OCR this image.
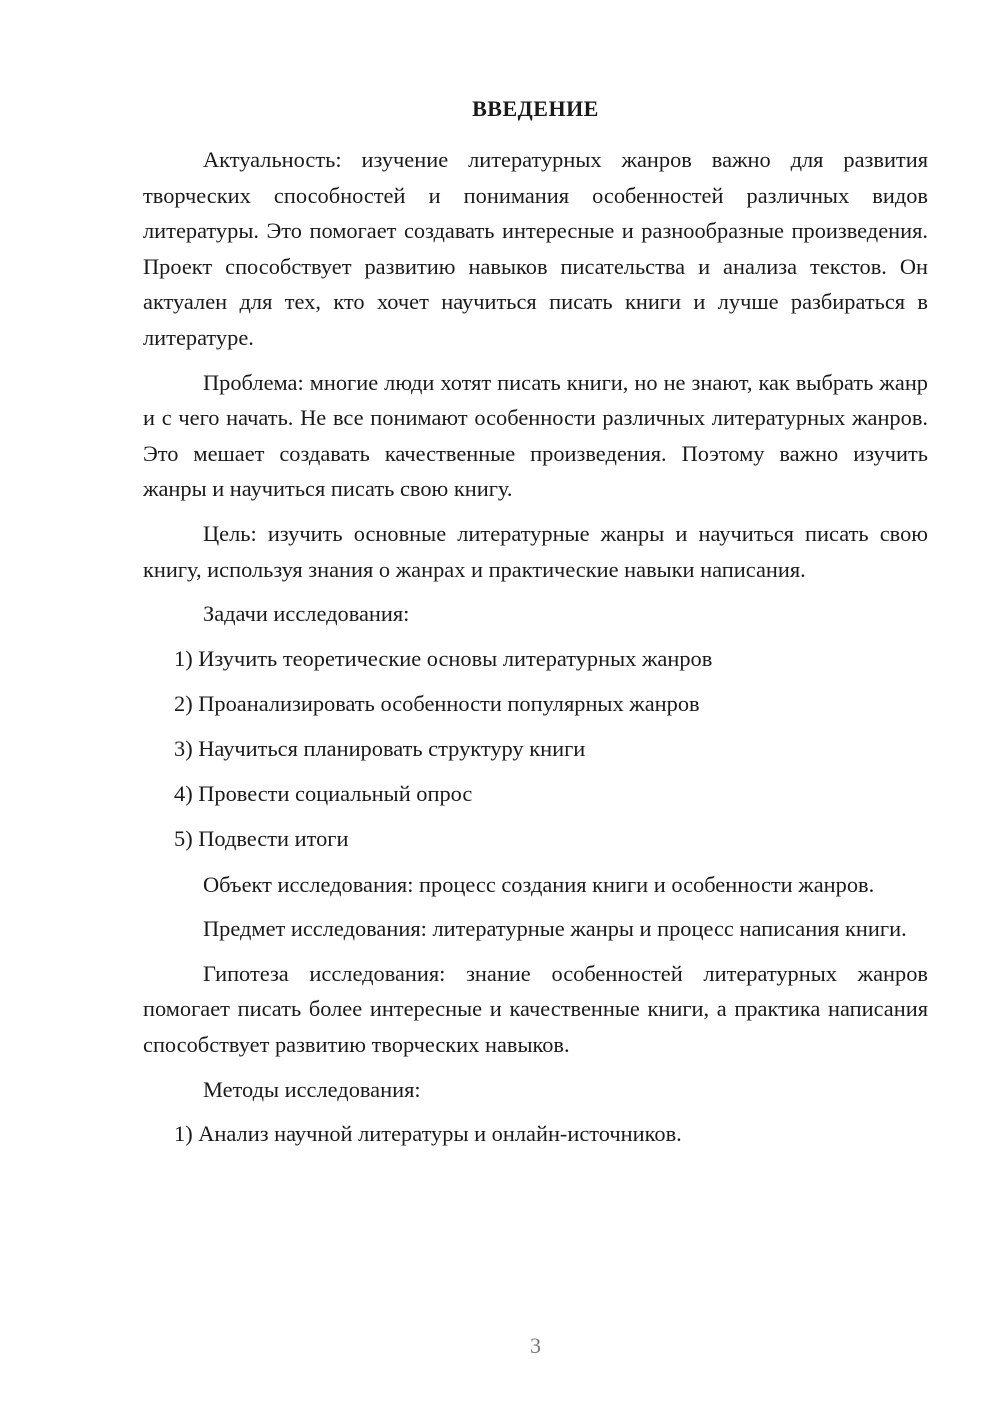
ВВЕДЕНИЕ

Актуальность: изучение литературных жанров важно для развития творческих способностей и понимания особенностей различных видов литературы. Это помогает создавать интересные и разнообразные произведения. Проект способствует развитию навыков писательства и анализа текстов. Он актуален для тех, кто хочет научиться писать книги и лучше разбираться в литературе.

Проблема: многие люди хотят писать книги, но не знают, как выбрать жанр и с чего начать. Не все понимают особенности различных литературных жанров. Это мешает создавать качественные произведения. Поэтому важно изучить жанры и научиться писать свою книгу.

Цель: изучить основные литературные жанры и научиться писать свою книгу, используя знания о жанрах и практические навыки написания.

Задачи исследования:

1) Изучить теоретические основы литературных жанров

2) Проанализировать особенности популярных жанров

3) Научиться планировать структуру книги

4) Провести социальный опрос

5) Подвести итоги

Объект исследования: процесс создания книги и особенности жанров.

Предмет исследования: литературные жанры и процесс написания книги.

Гипотеза исследования: знание особенностей литературных жанров помогает писать более интересные и качественные книги, а практика написания способствует развитию творческих навыков.

Методы исследования:

1) Анализ научной литературы и онлайн-источников.

3
